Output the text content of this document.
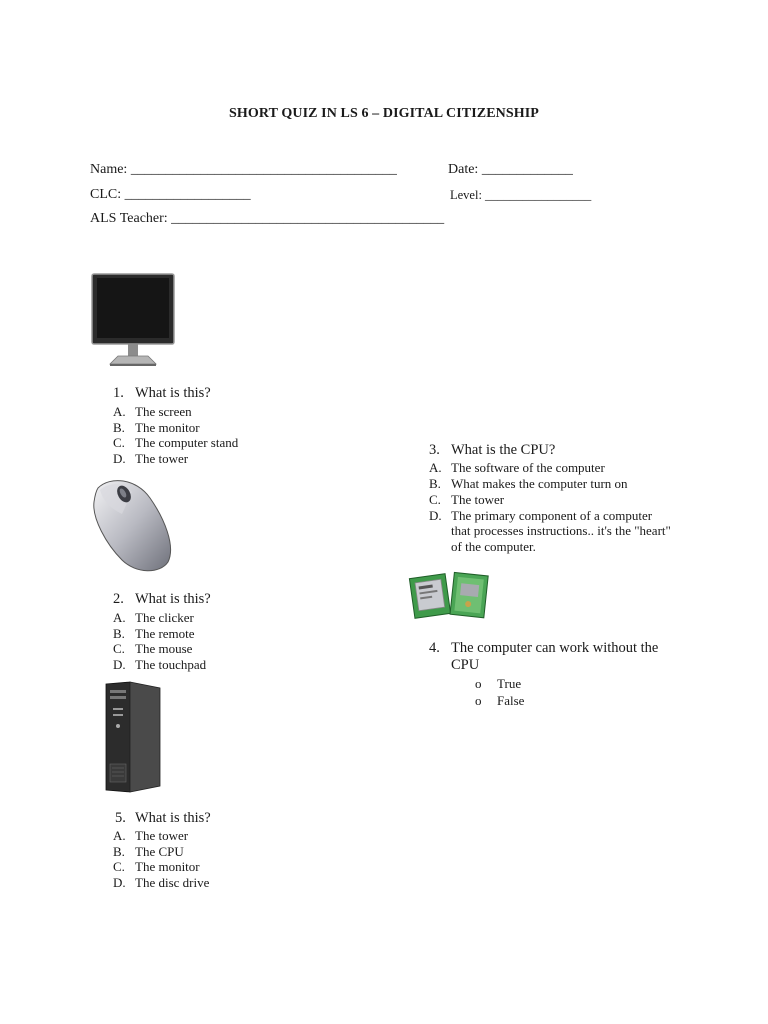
SHORT QUIZ IN LS 6 – DIGITAL CITIZENSHIP
Name: ______________________________________	Date: _____________
CLC: __________________	Level: _________________
ALS Teacher: _______________________________________
1. What is this?
A. The screen
B. The monitor
C. The computer stand
D. The tower
2. What is this?
A. The clicker
B. The remote
C. The mouse
D. The touchpad
5. What is this?
A. The tower
B. The CPU
C. The monitor
D. The disc drive
3. What is the CPU?
A. The software of the computer
B. What makes the computer turn on
C. The tower
D. The primary component of a computer
that processes instructions.. it's the "heart"
of the computer.
4. The computer can work without the
CPU
o True
o False
